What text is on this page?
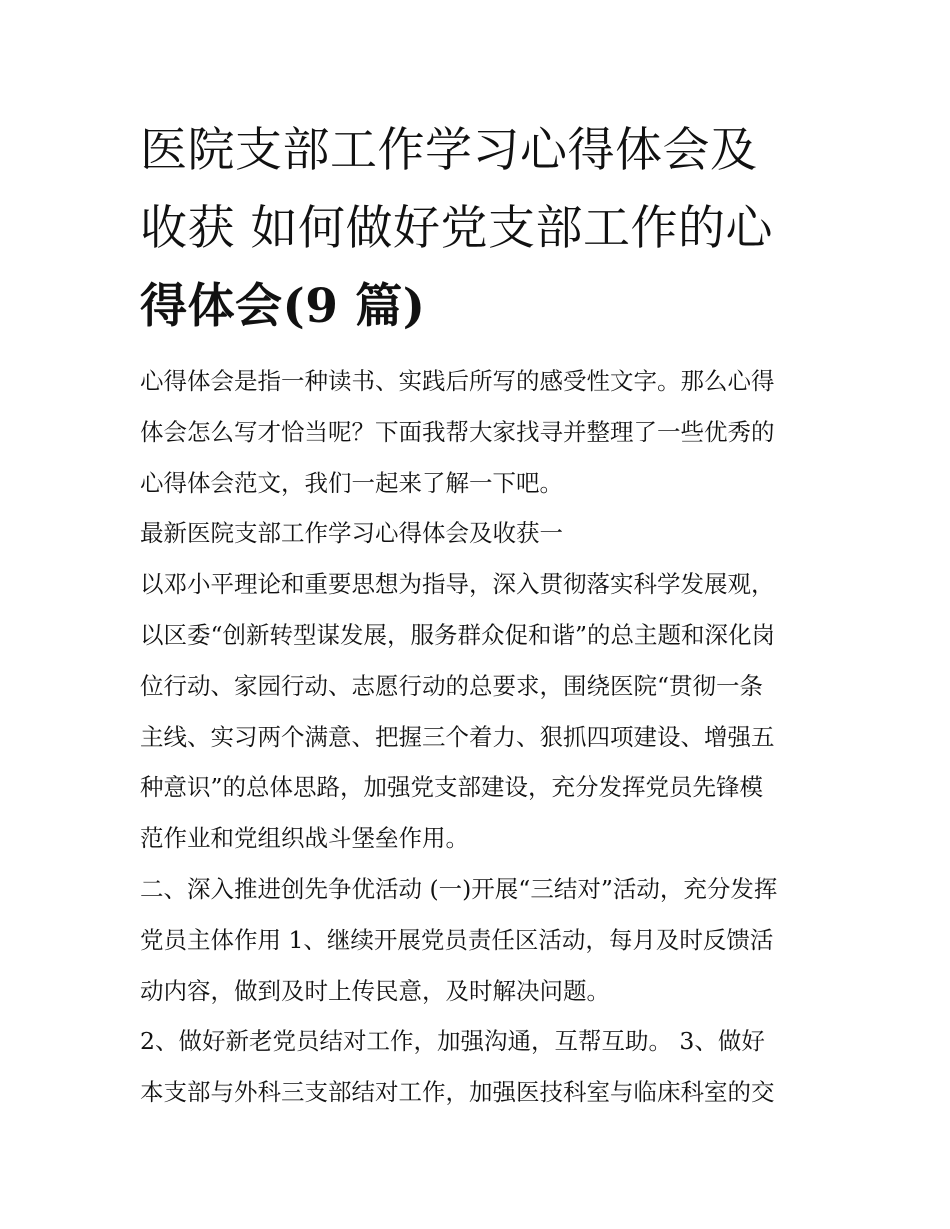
医院支部工作学习心得体会及
收获 如何做好党支部工作的心
得体会(9 篇)

心得体会是指一种读书、实践后所写的感受性文字。那么心得
体会怎么写才恰当呢？下面我帮大家找寻并整理了一些优秀的
心得体会范文，我们一起来了解一下吧。

最新医院支部工作学习心得体会及收获一

以邓小平理论和重要思想为指导，深入贯彻落实科学发展观，
以区委“创新转型谋发展，服务群众促和谐”的总主题和深化岗
位行动、家园行动、志愿行动的总要求，围绕医院“贯彻一条
主线、实习两个满意、把握三个着力、狠抓四项建设、增强五
种意识”的总体思路，加强党支部建设，充分发挥党员先锋模
范作业和党组织战斗堡垒作用。

二、深入推进创先争优活动 (一)开展“三结对”活动，充分发挥
党员主体作用 1、继续开展党员责任区活动，每月及时反馈活
动内容，做到及时上传民意，及时解决问题。

2、做好新老党员结对工作，加强沟通，互帮互助。 3、做好
本支部与外科三支部结对工作，加强医技科室与临床科室的交
